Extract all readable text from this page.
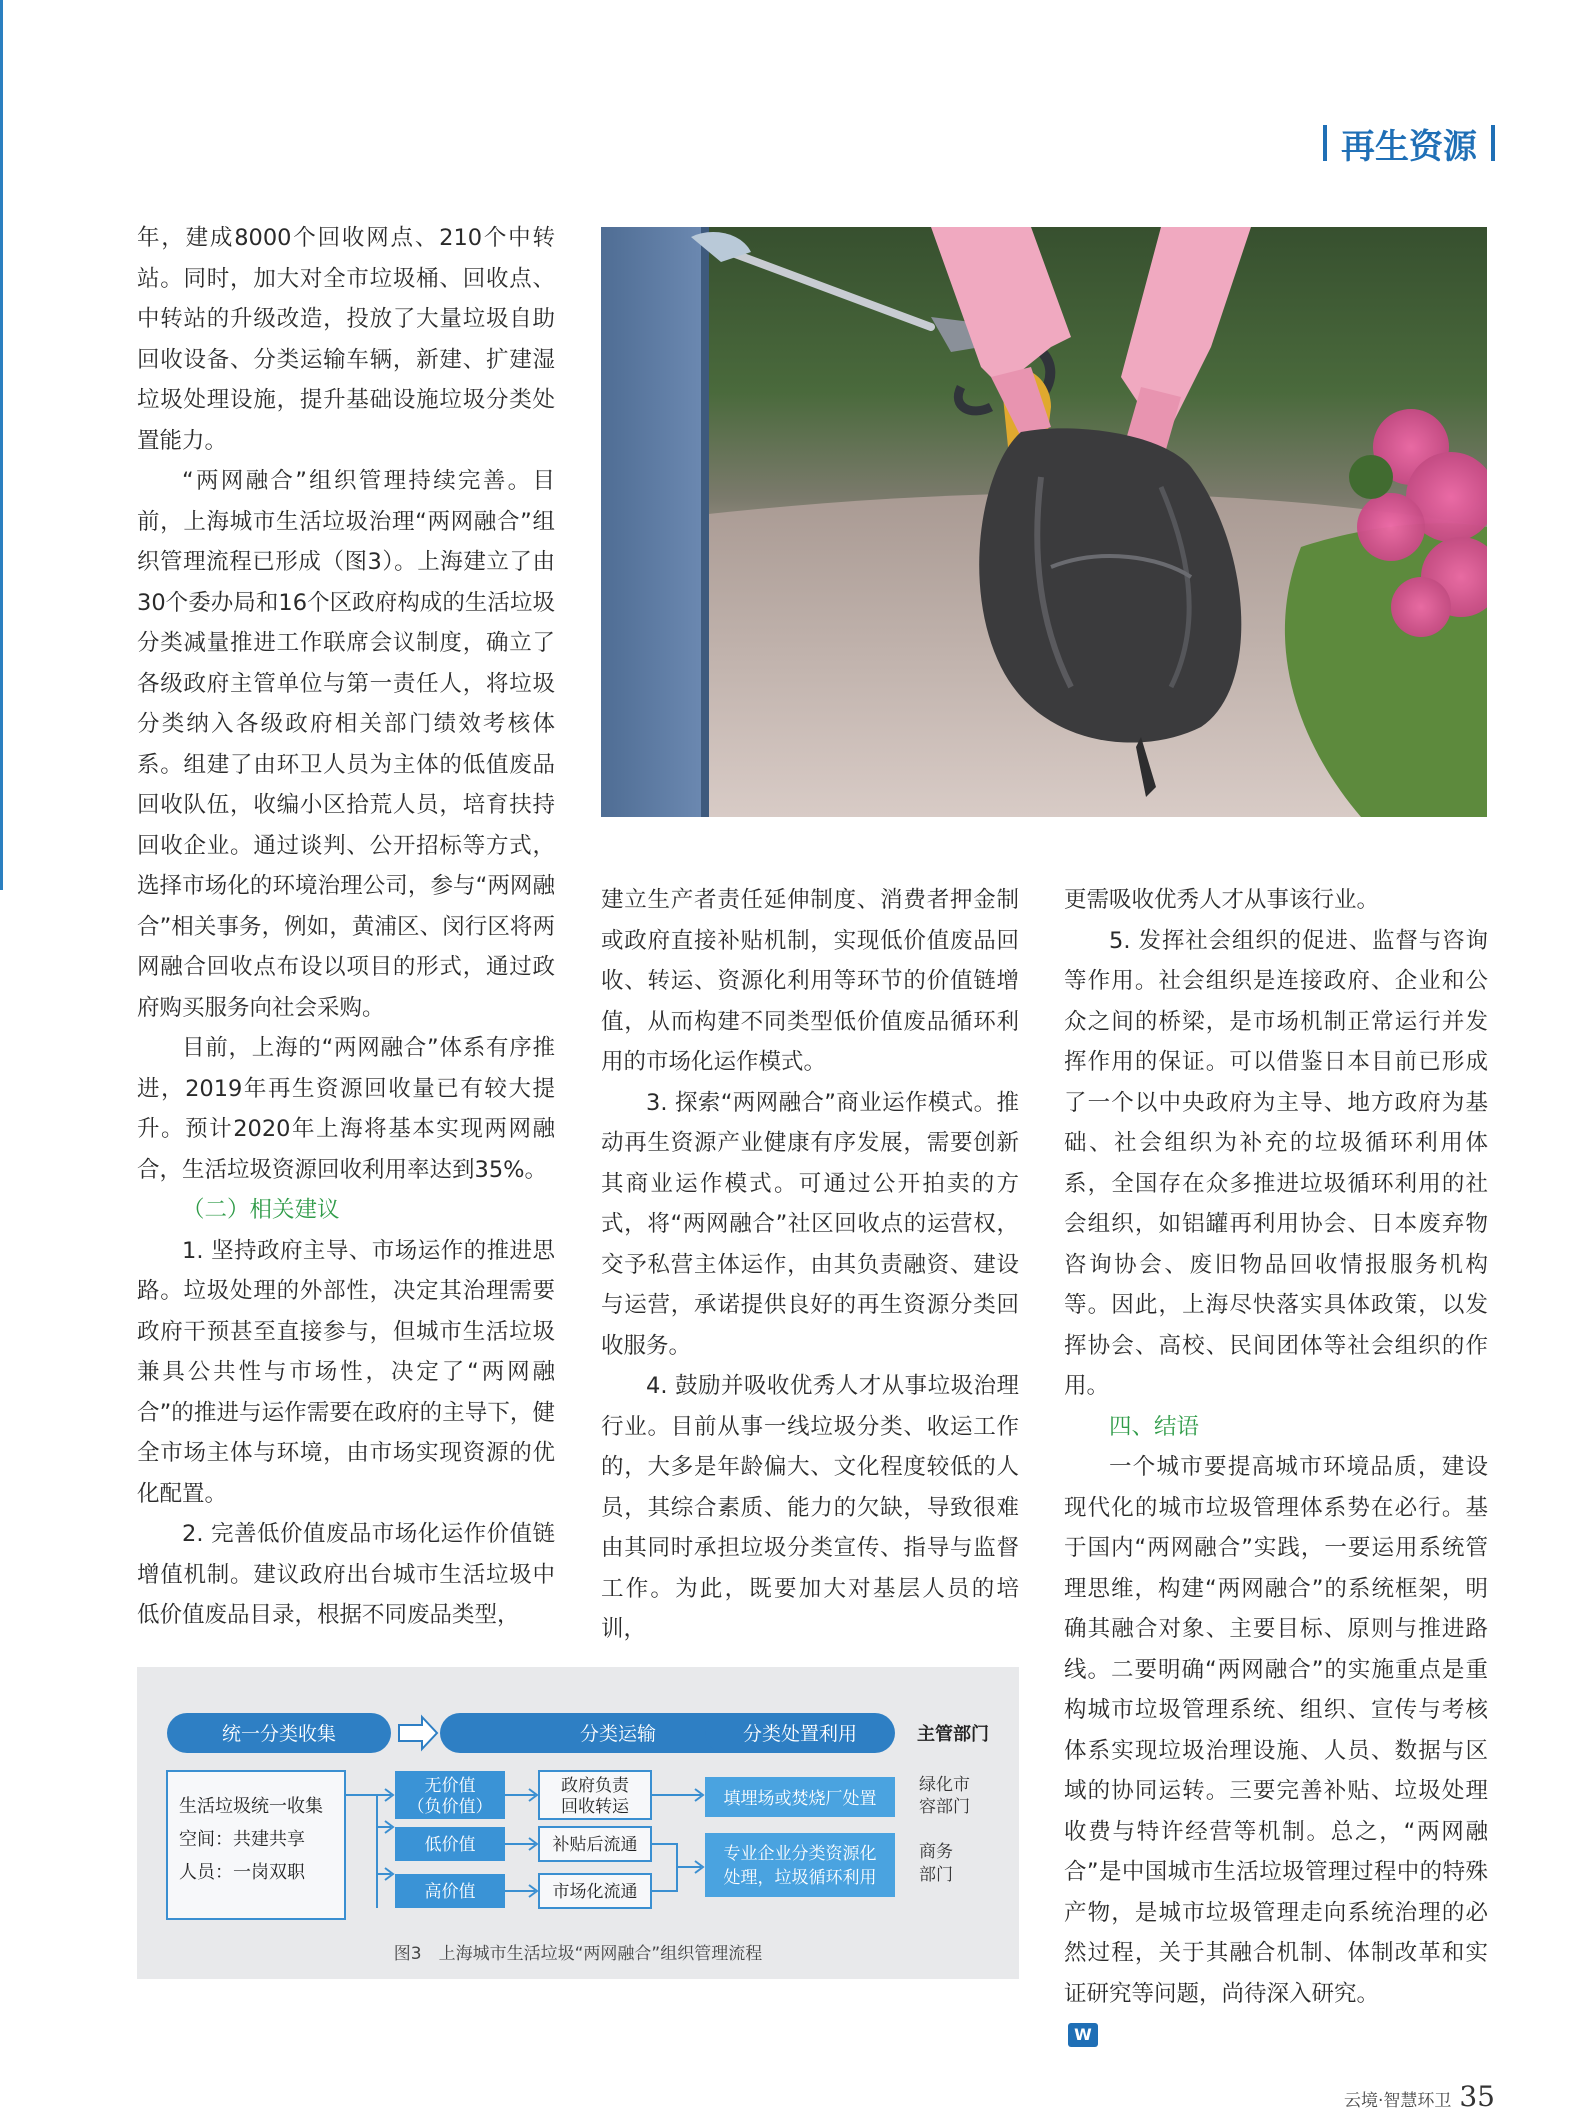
再生资源

年，建成8000个回收网点、210个中转站。同时，加大对全市垃圾桶、回收点、中转站的升级改造，投放了大量垃圾自助回收设备、分类运输车辆，新建、扩建湿垃圾处理设施，提升基础设施垃圾分类处置能力。

“两网融合”组织管理持续完善。目前，上海城市生活垃圾治理“两网融合”组织管理流程已形成（图3）。上海建立了由30个委办局和16个区政府构成的生活垃圾分类减量推进工作联席会议制度，确立了各级政府主管单位与第一责任人，将垃圾分类纳入各级政府相关部门绩效考核体系。组建了由环卫人员为主体的低值废品回收队伍，收编小区拾荒人员，培育扶持回收企业。通过谈判、公开招标等方式，选择市场化的环境治理公司，参与“两网融合”相关事务，例如，黄浦区、闵行区将两网融合回收点布设以项目的形式，通过政府购买服务向社会采购。

目前，上海的“两网融合”体系有序推进，2019年再生资源回收量已有较大提升。预计2020年上海将基本实现两网融合，生活垃圾资源回收利用率达到35%。

（二）相关建议

1. 坚持政府主导、市场运作的推进思路。垃圾处理的外部性，决定其治理需要政府干预甚至直接参与，但城市生活垃圾兼具公共性与市场性，决定了“两网融合”的推进与运作需要在政府的主导下，健全市场主体与环境，由市场实现资源的优化配置。

2. 完善低价值废品市场化运作价值链增值机制。建议政府出台城市生活垃圾中低价值废品目录，根据不同废品类型，

建立生产者责任延伸制度、消费者押金制或政府直接补贴机制，实现低价值废品回收、转运、资源化利用等环节的价值链增值，从而构建不同类型低价值废品循环利用的市场化运作模式。

3. 探索“两网融合”商业运作模式。推动再生资源产业健康有序发展，需要创新其商业运作模式。可通过公开拍卖的方式，将“两网融合”社区回收点的运营权，交予私营主体运作，由其负责融资、建设与运营，承诺提供良好的再生资源分类回收服务。

4. 鼓励并吸收优秀人才从事垃圾治理行业。目前从事一线垃圾分类、收运工作的，大多是年龄偏大、文化程度较低的人员，其综合素质、能力的欠缺，导致很难由其同时承担垃圾分类宣传、指导与监督工作。为此，既要加大对基层人员的培训，

更需吸收优秀人才从事该行业。

5. 发挥社会组织的促进、监督与咨询等作用。社会组织是连接政府、企业和公众之间的桥梁，是市场机制正常运行并发挥作用的保证。可以借鉴日本目前已形成了一个以中央政府为主导、地方政府为基础、社会组织为补充的垃圾循环利用体系，全国存在众多推进垃圾循环利用的社会组织，如铝罐再利用协会、日本废弃物咨询协会、废旧物品回收情报服务机构等。因此，上海尽快落实具体政策，以发挥协会、高校、民间团体等社会组织的作用。

四、结语

一个城市要提高城市环境品质，建设现代化的城市垃圾管理体系势在必行。基于国内“两网融合”实践，一要运用系统管理思维，构建“两网融合”的系统框架，明确其融合对象、主要目标、原则与推进路线。二要明确“两网融合”的实施重点是重构城市垃圾管理系统、组织、宣传与考核体系实现垃圾治理设施、人员、数据与区域的协同运转。三要完善补贴、垃圾处理收费与特许经营等机制。总之，“两网融合”是中国城市生活垃圾管理过程中的特殊产物，是城市垃圾管理走向系统治理的必然过程，关于其融合机制、体制改革和实证研究等问题，尚待深入研究。

W
统一分类收集	分类运输
生活垃圾统一收集
空间：共建共享
人员：一岗双职
无价值
（负价值）
低价值
高价值
政府负责
回收转运
补贴后流通
市场化流通
填埋场或焚烧厂处置
专业企业分类资源化
处理，垃圾循环利用
分类处置利用	主管部门
绿化市
容部门
商务
部门
图3　上海城市生活垃圾“两网融合”组织管理流程
云境·智慧环卫 35
